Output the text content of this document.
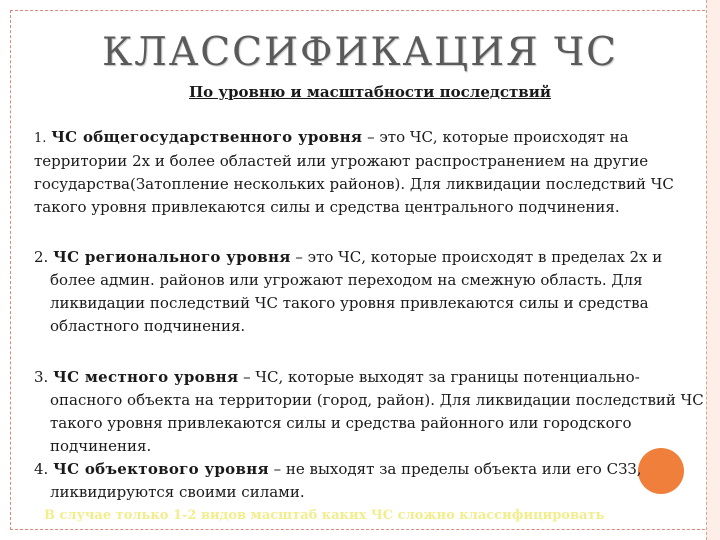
КЛАССИФИКАЦИЯ ЧС
По уровню и масштабности последствий
1. ЧС общегосударственного уровня – это ЧС, которые происходят на территории 2х и более областей или угрожают распространением на другие государства(Затопление нескольких районов). Для ликвидации последствий ЧС такого уровня привлекаются силы и средства центрального подчинения.
2. ЧС регионального уровня – это ЧС, которые происходят в пределах 2х и более админ. районов или угрожают переходом на смежную область. Для ликвидации последствий ЧС такого уровня привлекаются силы и средства областного подчинения.
3. ЧС местного уровня – ЧС, которые выходят за границы потенциально-опасного объекта на территории (город, район). Для ликвидации последствий ЧС такого уровня привлекаются силы и средства районного или городского подчинения.
4. ЧС объектового уровня – не выходят за пределы объекта или его СЗЗ, ликвидируются своими силами.
В случае только 1-2 видов масштаб каких ЧС сложно классифицировать
